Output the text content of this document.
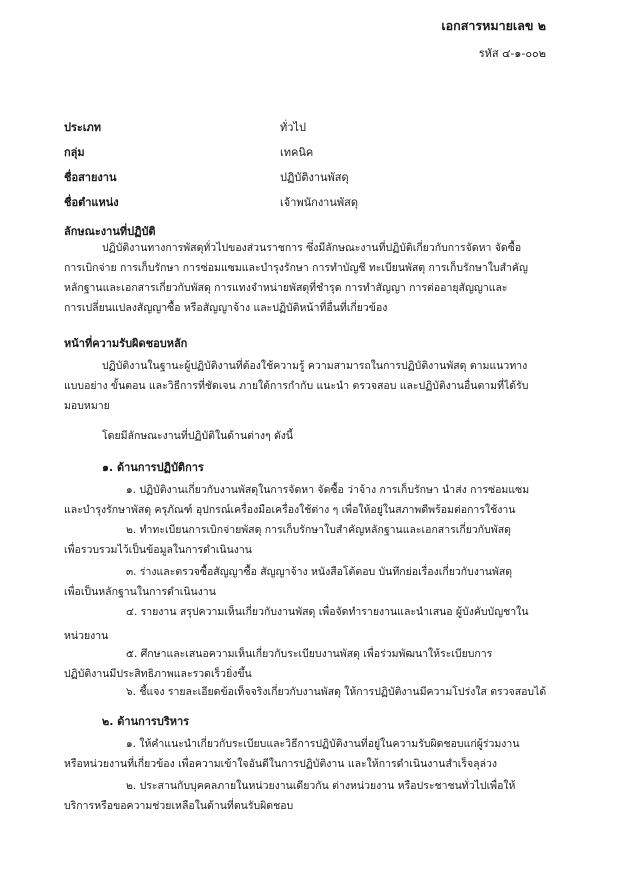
เอกสารหมายเลข ๒
รหัส ๔-๑-๐๐๒
ประเภท	ทั่วไป
กลุ่ม	เทคนิค
ชื่อสายงาน	ปฏิบัติงานพัสดุ
ชื่อตำแหน่ง	เจ้าพนักงานพัสดุ
ลักษณะงานที่ปฏิบัติ
ปฏิบัติงานทางการพัสดุทั่วไปของส่วนราชการ ซึ่งมีลักษณะงานที่ปฏิบัติเกี่ยวกับการจัดหา จัดซื้อ
การเบิกจ่าย การเก็บรักษา การซ่อมแซมและบำรุงรักษา การทำบัญชี ทะเบียนพัสดุ การเก็บรักษาใบสำคัญ
หลักฐานและเอกสารเกี่ยวกับพัสดุ การแทงจำหน่ายพัสดุที่ชำรุด การทำสัญญา การต่ออายุสัญญาและ
การเปลี่ยนแปลงสัญญาซื้อ หรือสัญญาจ้าง และปฏิบัติหน้าที่อื่นที่เกี่ยวข้อง
หน้าที่ความรับผิดชอบหลัก
ปฏิบัติงานในฐานะผู้ปฏิบัติงานที่ต้องใช้ความรู้ ความสามารถในการปฏิบัติงานพัสดุ ตามแนวทาง
แบบอย่าง ขั้นตอน และวิธีการที่ชัดเจน ภายใต้การกำกับ แนะนำ ตรวจสอบ และปฏิบัติงานอื่นตามที่ได้รับ
มอบหมาย
โดยมีลักษณะงานที่ปฏิบัติในด้านต่างๆ ดังนี้
๑. ด้านการปฏิบัติการ
๑. ปฏิบัติงานเกี่ยวกับงานพัสดุในการจัดหา จัดซื้อ ว่าจ้าง การเก็บรักษา นำส่ง การซ่อมแซม
และบำรุงรักษาพัสดุ ครุภัณฑ์ อุปกรณ์เครื่องมือเครื่องใช้ต่าง ๆ เพื่อให้อยู่ในสภาพดีพร้อมต่อการใช้งาน
๒. ทำทะเบียนการเบิกจ่ายพัสดุ การเก็บรักษาใบสำคัญหลักฐานและเอกสารเกี่ยวกับพัสดุ
เพื่อรวบรวมไว้เป็นข้อมูลในการดำเนินงาน
๓. ร่างและตรวจซื้อสัญญาซื้อ สัญญาจ้าง หนังสือโต้ตอบ บันทึกย่อเรื่องเกี่ยวกับงานพัสดุ
เพื่อเป็นหลักฐานในการดำเนินงาน
๔. รายงาน สรุปความเห็นเกี่ยวกับงานพัสดุ เพื่อจัดทำรายงานและนำเสนอ ผู้บังคับบัญชาใน
หน่วยงาน
๕. ศึกษาและเสนอความเห็นเกี่ยวกับระเบียบงานพัสดุ เพื่อร่วมพัฒนาให้ระเบียบการ
ปฏิบัติงานมีประสิทธิภาพและรวดเร็วยิ่งขึ้น
๖. ชี้แจง รายละเอียดข้อเท็จจริงเกี่ยวกับงานพัสดุ ให้การปฏิบัติงานมีความโปร่งใส ตรวจสอบได้
๒. ด้านการบริหาร
๑. ให้คำแนะนำเกี่ยวกับระเบียบและวิธีการปฏิบัติงานที่อยู่ในความรับผิดชอบแก่ผู้ร่วมงาน
หรือหน่วยงานที่เกี่ยวข้อง เพื่อความเข้าใจอันดีในการปฏิบัติงาน และให้การดำเนินงานสำเร็จลุล่วง
๒. ประสานกับบุคคลภายในหน่วยงานเดียวกัน ต่างหน่วยงาน หรือประชาชนทั่วไปเพื่อให้
บริการหรือขอความช่วยเหลือในด้านที่ตนรับผิดชอบ
